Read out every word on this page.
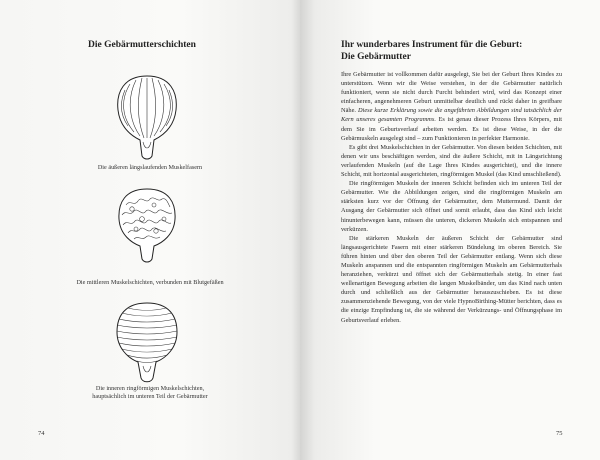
Die Gebärmutterschichten
Die äußeren längslaufenden Muskelfasern
Die mittleren Muskelschichten, verbunden mit Blutgefäßen
Die inneren ringförmigen Muskelschichten,
hauptsächlich im unteren Teil der Gebärmutter
74
Ihr wunderbares Instrument für die Geburt:
Die Gebärmutter

Ihre Gebärmutter ist vollkommen dafür ausgelegt, Sie bei der Geburt Ihres Kindes zu unterstützen. Wenn wir die Weise verstehen, in der die Gebärmutter natürlich funktioniert, wenn sie nicht durch Furcht behindert wird, wird das Konzept einer einfacheren, angenehmeren Geburt unmittelbar deutlich und rückt daher in greifbare Nähe. Diese kurze Erklärung sowie die angeführten Abbildungen sind tatsächlich der Kern unseres gesamten Programms. Es ist genau dieser Prozess Ihres Körpers, mit dem Sie im Geburtsverlauf arbeiten werden. Es ist diese Weise, in der die Gebärmuskeln ausgelegt sind – zum Funktionieren in perfekter Harmonie.

Es gibt drei Muskelschichten in der Gebärmutter. Von diesen beiden Schichten, mit denen wir uns beschäftigen werden, sind die äußere Schicht, mit in Längsrichtung verlaufenden Muskeln (auf die Lage Ihres Kindes ausgerichtet), und die innere Schicht, mit horizontal ausgerichteten, ringförmigen Muskel (das Kind umschließend).

Die ringförmigen Muskeln der inneren Schicht befinden sich im unteren Teil der Gebärmutter. Wie die Abbildungen zeigen, sind die ringförmigen Muskeln am stärksten kurz vor der Öffnung der Gebärmutter, dem Muttermund. Damit der Ausgang der Gebärmutter sich öffnet und somit erlaubt, dass das Kind sich leicht hinunterbewegen kann, müssen die unteren, dickeren Muskeln sich entspannen und verkürzen.

Die stärkeren Muskeln der äußeren Schicht der Gebärmutter sind längsausgerichtete Fasern mit einer stärkeren Bündelung im oberen Bereich. Sie führen hinten und über den oberen Teil der Gebärmutter entlang. Wenn sich diese Muskeln anspannen und die entspannten ringförmigen Muskeln am Gebärmutterhals heranziehen, verkürzt und öffnet sich der Gebärmutterhals stetig. In einer fast wellenartigen Bewegung arbeiten die langen Muskelbänder, um das Kind nach unten durch und schließlich aus der Gebärmutter herauszuschieben. Es ist diese zusammenziehende Bewegung, von der viele HypnoBirthing-Mütter berichten, dass es die einzige Empfindung ist, die sie während der Verkürzungs- und Öffnungsphase im Geburtsverlauf erleben.

75
